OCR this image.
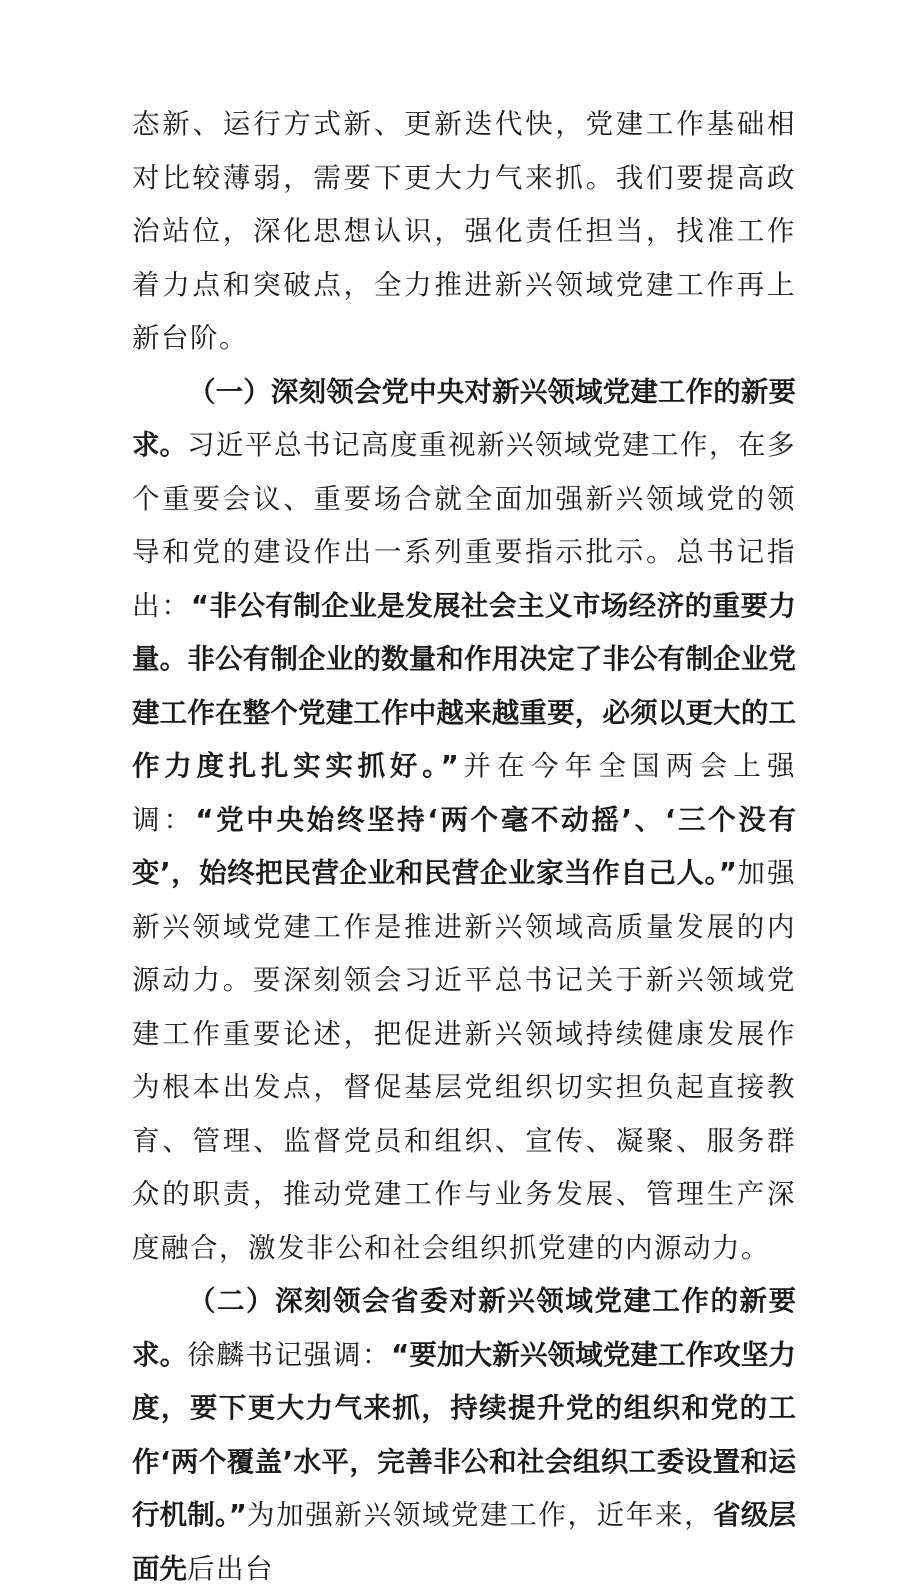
态新、运行方式新、更新迭代快，党建工作基础相对比较薄弱，需要下更大力气来抓。我们要提高政治站位，深化思想认识，强化责任担当，找准工作着力点和突破点，全力推进新兴领域党建工作再上新台阶。

（一）深刻领会党中央对新兴领域党建工作的新要求。习近平总书记高度重视新兴领域党建工作，在多个重要会议、重要场合就全面加强新兴领域党的领导和党的建设作出一系列重要指示批示。总书记指出：“非公有制企业是发展社会主义市场经济的重要力量。非公有制企业的数量和作用决定了非公有制企业党建工作在整个党建工作中越来越重要，必须以更大的工作力度扎扎实实抓好。”并在今年全国两会上强调：“党中央始终坚持‘两个毫不动摇’、‘三个没有变’，始终把民营企业和民营企业家当作自己人。”加强新兴领域党建工作是推进新兴领域高质量发展的内源动力。要深刻领会习近平总书记关于新兴领域党建工作重要论述，把促进新兴领域持续健康发展作为根本出发点，督促基层党组织切实担负起直接教育、管理、监督党员和组织、宣传、凝聚、服务群众的职责，推动党建工作与业务发展、管理生产深度融合，激发非公和社会组织抓党建的内源动力。

（二）深刻领会省委对新兴领域党建工作的新要求。徐麟书记强调：“要加大新兴领域党建工作攻坚力度，要下更大力气来抓，持续提升党的组织和党的工作‘两个覆盖’水平，完善非公和社会组织工委设置和运行机制。”为加强新兴领域党建工作，近年来，省级层面先后出台
